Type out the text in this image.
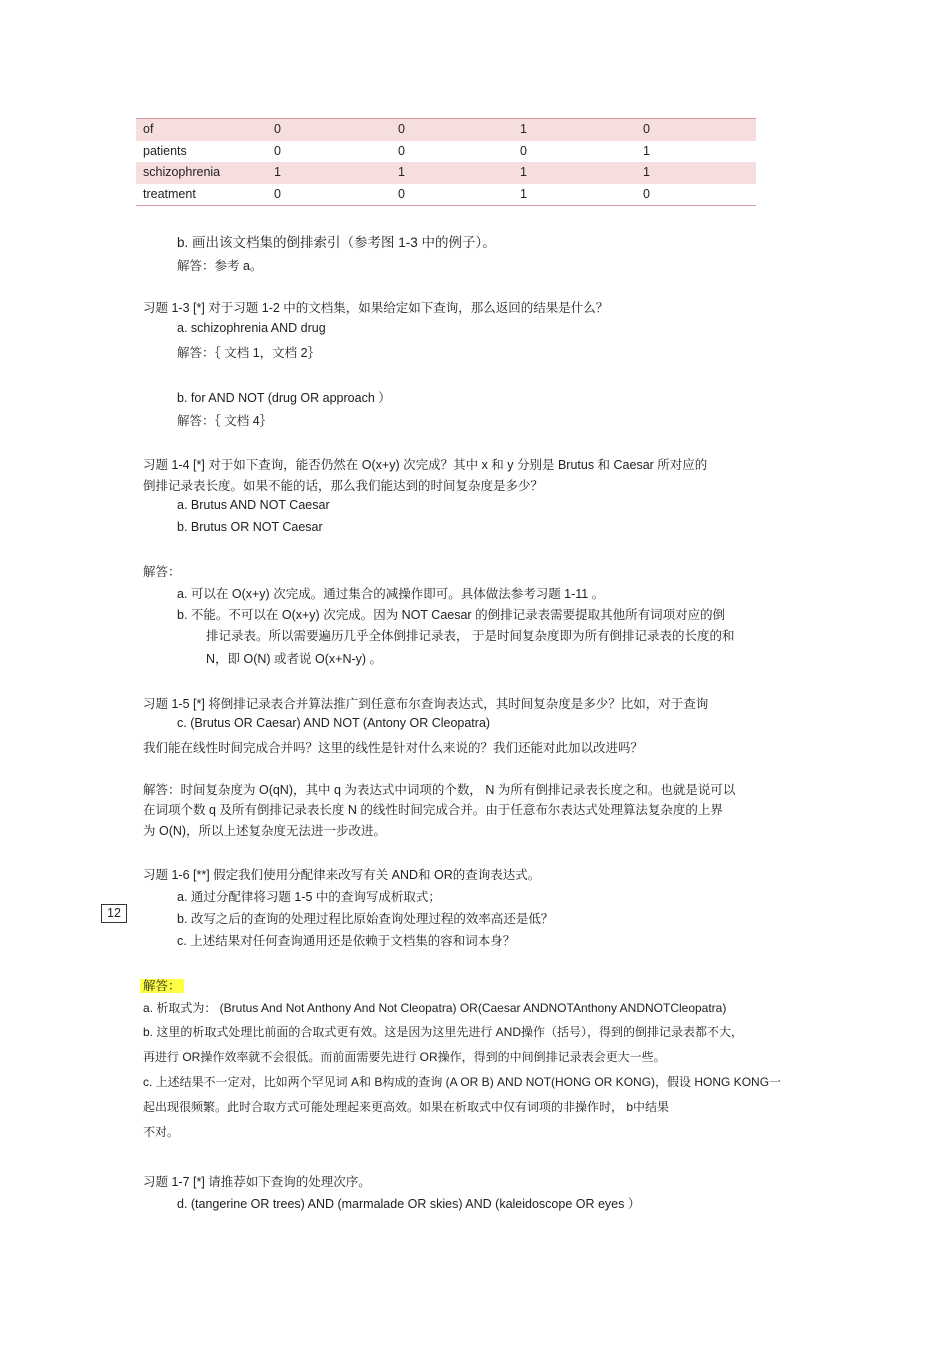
of	0	0	1	0
patients	0	0	0	1
schizophrenia	1	1	1	1
treatment	0	0	1	0
12
b. 画出该文档集的倒排索引（参考图 1-3 中的例子）。
解答：参考 a。
习题 1-3 [*] 对于习题 1-2 中的文档集，如果给定如下查询，那么返回的结果是什么？
a. schizophrenia AND drug
解答：｛ 文档 1，文档 2｝
b. for AND NOT (drug OR approach ）
解答：｛ 文档 4｝
习题 1-4 [*] 对于如下查询，能否仍然在 O(x+y) 次完成？其中 x 和 y 分别是 Brutus 和 Caesar 所对应的
倒排记录表长度。如果不能的话，那么我们能达到的时间复杂度是多少？
a. Brutus AND NOT Caesar
b. Brutus OR NOT Caesar
解答：
a. 可以在 O(x+y) 次完成。通过集合的减操作即可。具体做法参考习题 1-11 。
b. 不能。不可以在 O(x+y) 次完成。因为 NOT Caesar 的倒排记录表需要提取其他所有词项对应的倒
排记录表。所以需要遍历几乎全体倒排记录表， 于是时间复杂度即为所有倒排记录表的长度的和
N，即 O(N) 或者说 O(x+N-y) 。
习题 1-5 [*] 将倒排记录表合并算法推广到任意布尔查询表达式，其时间复杂度是多少？比如，对于查询
c. (Brutus OR Caesar) AND NOT (Antony OR Cleopatra)
我们能在线性时间完成合并吗？这里的线性是针对什么来说的？我们还能对此加以改进吗？
解答：时间复杂度为 O(qN)，其中 q 为表达式中词项的个数， N 为所有倒排记录表长度之和。也就是说可以
在词项个数 q 及所有倒排记录表长度 N 的线性时间完成合并。由于任意布尔表达式处理算法复杂度的上界
为 O(N)，所以上述复杂度无法进一步改进。
习题 1-6 [**] 假定我们使用分配律来改写有关 AND和 OR的查询表达式。
a. 通过分配律将习题 1-5 中的查询写成析取式；
b. 改写之后的查询的处理过程比原始查询处理过程的效率高还是低？
c. 上述结果对任何查询通用还是依赖于文档集的容和词本身？
解答：
a. 析取式为： (Brutus And Not Anthony And Not Cleopatra) OR(Caesar ANDNOTAnthony ANDNOTCleopatra)
b. 这里的析取式处理比前面的合取式更有效。这是因为这里先进行 AND操作（括号），得到的倒排记录表都不大，
再进行 OR操作效率就不会很低。而前面需要先进行 OR操作，得到的中间倒排记录表会更大一些。
c. 上述结果不一定对，比如两个罕见词 A和 B构成的查询 (A OR B) AND NOT(HONG OR KONG)，假设 HONG KONG一
起出现很频繁。此时合取方式可能处理起来更高效。如果在析取式中仅有词项的非操作时， b中结果
不对。
习题 1-7 [*] 请推荐如下查询的处理次序。
d. (tangerine OR trees) AND (marmalade OR skies) AND (kaleidoscope OR eyes ）
